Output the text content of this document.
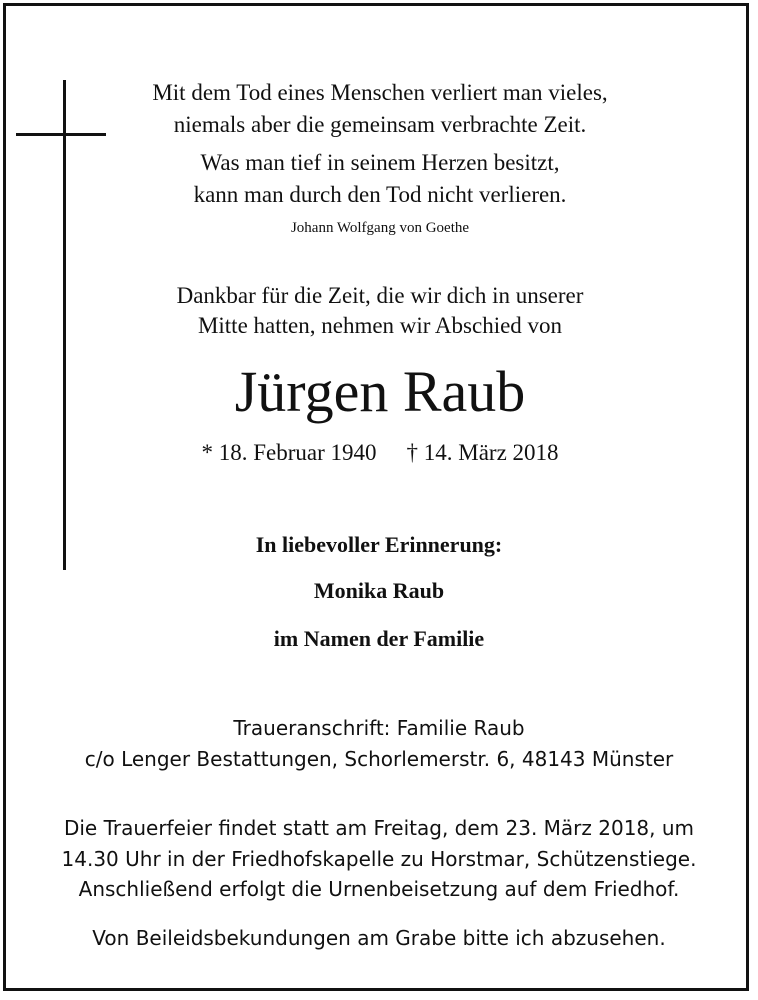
Mit dem Tod eines Menschen verliert man vieles,
niemals aber die gemeinsam verbrachte Zeit.
Was man tief in seinem Herzen besitzt,
kann man durch den Tod nicht verlieren.
Johann Wolfgang von Goethe
Dankbar für die Zeit, die wir dich in unserer
Mitte hatten, nehmen wir Abschied von
Jürgen Raub
* 18. Februar 1940 † 14. März 2018
In liebevoller Erinnerung:
Monika Raub
im Namen der Familie
Traueranschrift: Familie Raub
c/o Lenger Bestattungen, Schorlemerstr. 6, 48143 Münster
Die Trauerfeier findet statt am Freitag, dem 23. März 2018, um
14.30 Uhr in der Friedhofskapelle zu Horstmar, Schützenstiege.
Anschließend erfolgt die Urnenbeisetzung auf dem Friedhof.
Von Beileidsbekundungen am Grabe bitte ich abzusehen.
